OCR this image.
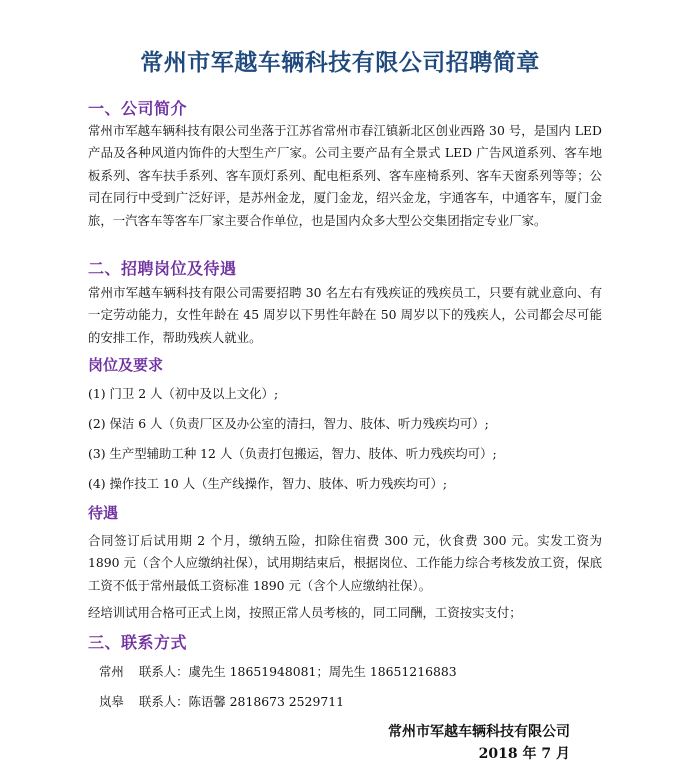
常州市军越车辆科技有限公司招聘简章
一、公司简介

常州市军越车辆科技有限公司坐落于江苏省常州市春江镇新北区创业西路 30 号，是国内 LED 产品及各种风道内饰件的大型生产厂家。公司主要产品有全景式 LED 广告风道系列、客车地板系列、客车扶手系列、客车顶灯系列、配电柜系列、客车座椅系列、客车天窗系列等等；公司在同行中受到广泛好评，是苏州金龙，厦门金龙，绍兴金龙，宇通客车，中通客车，厦门金旅，一汽客车等客车厂家主要合作单位，也是国内众多大型公交集团指定专业厂家。

二、招聘岗位及待遇

常州市军越车辆科技有限公司需要招聘 30 名左右有残疾证的残疾员工，只要有就业意向、有一定劳动能力，女性年龄在 45 周岁以下男性年龄在 50 周岁以下的残疾人，公司都会尽可能的安排工作，帮助残疾人就业。

岗位及要求
(1) 门卫 2 人（初中及以上文化）;
(2) 保洁 6 人（负责厂区及办公室的清扫，智力、肢体、听力残疾均可）;
(3) 生产型辅助工种 12 人（负责打包搬运，智力、肢体、听力残疾均可）;
(4) 操作技工 10 人（生产线操作，智力、肢体、听力残疾均可）;
待遇

合同签订后试用期 2 个月，缴纳五险，扣除住宿费 300 元，伙食费 300 元。实发工资为 1890 元（含个人应缴纳社保），试用期结束后，根据岗位、工作能力综合考核发放工资，保底工资不低于常州最低工资标准 1890 元（含个人应缴纳社保）。

经培训试用合格可正式上岗，按照正常人员考核的，同工同酬，工资按实支付；
三、联系方式
常州 联系人：虞先生 18651948081；周先生 18651216883
岚皋 联系人：陈语馨 2818673 2529711
常州市军越车辆科技有限公司
2018 年 7 月
